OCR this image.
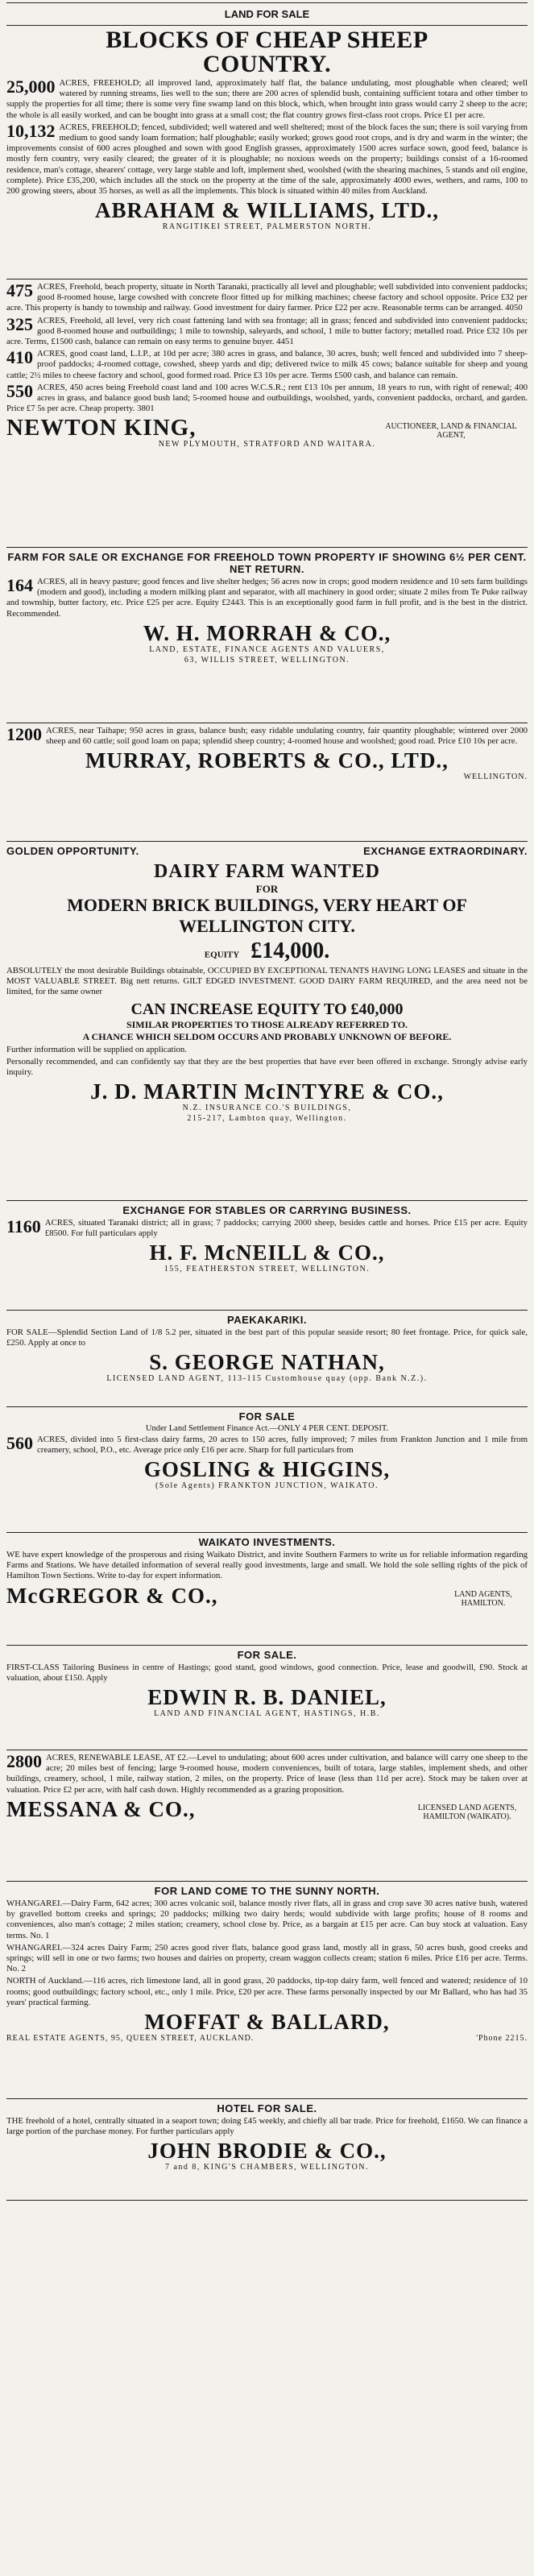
LAND FOR SALE
BLOCKS OF CHEAP SHEEP
COUNTRY.

25,000 ACRES, FREEHOLD; all improved land, approximately half flat, the balance undulating, most ploughable when cleared; well watered by running streams, lies well to the sun; there are 200 acres of splendid bush, containing sufficient totara and other timber to supply the properties for all time; there is some very fine swamp land on this block, which, when brought into grass would carry 2 sheep to the acre; the whole is all easily worked, and can be bought into grass at a small cost; the flat country grows first-class root crops. Price £1 per acre.

10,132 ACRES, FREEHOLD; fenced, subdivided; well watered and well sheltered; most of the block faces the sun; there is soil varying from medium to good sandy loam formation; half ploughable; easily worked; grows good root crops, and is dry and warm in the winter; the improvements consist of 600 acres ploughed and sown with good English grasses, approximately 1500 acres surface sown, good feed, balance is mostly fern country, very easily cleared; the greater of it is ploughable; no noxious weeds on the property; buildings consist of a 16-roomed residence, man's cottage, shearers' cottage, very large stable and loft, implement shed, woolshed (with the shearing machines, 5 stands and oil engine, complete). Price £35,200, which includes all the stock on the property at the time of the sale, approximately 4000 ewes, wethers, and rams, 100 to 200 growing steers, about 35 horses, as well as all the implements. This block is situated within 40 miles from Auckland.

ABRAHAM & WILLIAMS, LTD.,
RANGITIKEI STREET, PALMERSTON NORTH.

475 ACRES, Freehold, beach property, situate in North Taranaki, practically all level and ploughable; well subdivided into convenient paddocks; good 8-roomed house, large cowshed with concrete floor fitted up for milking machines; cheese factory and school opposite. Price £32 per acre. This property is handy to township and railway. Good investment for dairy farmer. Price £22 per acre. Reasonable terms can be arranged. 4050

325 ACRES, Freehold, all level, very rich coast fattening land with sea frontage; all in grass; fenced and subdivided into convenient paddocks; good 8-roomed house and outbuildings; 1 mile to township, saleyards, and school, 1 mile to butter factory; metalled road. Price £32 10s per acre. Terms, £1500 cash, balance can remain on easy terms to genuine buyer. 4451

410 ACRES, good coast land, L.I.P., at 10d per acre; 380 acres in grass, and balance, 30 acres, bush; well fenced and subdivided into 7 sheep-proof paddocks; 4-roomed cottage, cowshed, sheep yards and dip; delivered twice to milk 45 cows; balance suitable for sheep and young cattle; 2½ miles to cheese factory and school, good formed road. Price £3 10s per acre. Terms £500 cash, and balance can remain.

550 ACRES, 450 acres being Freehold coast land and 100 acres W.C.S.R.; rent £13 10s per annum, 18 years to run, with right of renewal; 400 acres in grass, and balance good bush land; 5-roomed house and outbuildings, woolshed, yards, convenient paddocks, orchard, and garden. Price £7 5s per acre. Cheap property. 3801

NEWTON KING,	AUCTIONEER, LAND & FINANCIAL AGENT,
NEW PLYMOUTH, STRATFORD AND WAITARA.
FARM FOR SALE OR EXCHANGE FOR FREEHOLD TOWN PROPERTY IF SHOWING 6½ PER CENT. NET RETURN.

164 ACRES, all in heavy pasture; good fences and live shelter hedges; 56 acres now in crops; good modern residence and 10 sets farm buildings (modern and good), including a modern milking plant and separator, with all machinery in good order; situate 2 miles from Te Puke railway and township, butter factory, etc. Price £25 per acre. Equity £2443. This is an exceptionally good farm in full profit, and is the best in the district. Recommended.

W. H. MORRAH & CO.,
LAND, ESTATE, FINANCE AGENTS AND VALUERS,
63, WILLIS STREET, WELLINGTON.

1200 ACRES, near Taihape; 950 acres in grass, balance bush; easy ridable undulating country, fair quantity ploughable; wintered over 2000 sheep and 60 cattle; soil good loam on papa; splendid sheep country; 4-roomed house and woolshed; good road. Price £10 10s per acre.

MURRAY, ROBERTS & CO., LTD.,
WELLINGTON.
GOLDEN OPPORTUNITY.	EXCHANGE EXTRAORDINARY.
DAIRY FARM WANTED
FOR
MODERN BRICK BUILDINGS, VERY HEART OF
WELLINGTON CITY.
EQUITY £14,000.

ABSOLUTELY the most desirable Buildings obtainable, OCCUPIED BY EXCEPTIONAL TENANTS HAVING LONG LEASES and situate in the MOST VALUABLE STREET. Big nett returns. GILT EDGED INVESTMENT. GOOD DAIRY FARM REQUIRED, and the area need not be limited, for the same owner

CAN INCREASE EQUITY TO £40,000
SIMILAR PROPERTIES TO THOSE ALREADY REFERRED TO.
A CHANCE WHICH SELDOM OCCURS AND PROBABLY UNKNOWN OF BEFORE.

Further information will be supplied on application.

Personally recommended, and can confidently say that they are the best properties that have ever been offered in exchange. Strongly advise early inquiry.

J. D. MARTIN McINTYRE & CO.,
N.Z. INSURANCE CO.'S BUILDINGS,
215-217, Lambton quay, Wellington.
EXCHANGE FOR STABLES OR CARRYING BUSINESS.

1160 ACRES, situated Taranaki district; all in grass; 7 paddocks; carrying 2000 sheep, besides cattle and horses. Price £15 per acre. Equity £8500. For full particulars apply

H. F. McNEILL & CO.,
155, FEATHERSTON STREET, WELLINGTON.
PAEKAKARIKI.

FOR SALE—Splendid Section Land of 1/8 5.2 per, situated in the best part of this popular seaside resort; 80 feet frontage. Price, for quick sale, £250. Apply at once to

S. GEORGE NATHAN,
LICENSED LAND AGENT, 113-115 Customhouse quay (opp. Bank N.Z.).
FOR SALE
Under Land Settlement Finance Act.—ONLY 4 PER CENT. DEPOSIT.

560 ACRES, divided into 5 first-class dairy farms, 20 acres to 150 acres, fully improved; 7 miles from Frankton Junction and 1 mile from creamery, school, P.O., etc. Average price only £16 per acre. Sharp for full particulars from

GOSLING & HIGGINS,
(Sole Agents) FRANKTON JUNCTION, WAIKATO.
WAIKATO INVESTMENTS.

WE have expert knowledge of the prosperous and rising Waikato District, and invite Southern Farmers to write us for reliable information regarding Farms and Stations. We have detailed information of several really good investments, large and small. We hold the sole selling rights of the pick of Hamilton Town Sections. Write to-day for expert information.

McGREGOR & CO.,	LAND AGENTS,
HAMILTON.
FOR SALE.

FIRST-CLASS Tailoring Business in centre of Hastings; good stand, good windows, good connection. Price, lease and goodwill, £90. Stock at valuation, about £150. Apply

EDWIN R. B. DANIEL,
LAND AND FINANCIAL AGENT, HASTINGS, H.B.

2800 ACRES, RENEWABLE LEASE, AT £2.—Level to undulating; about 600 acres under cultivation, and balance will carry one sheep to the acre; 20 miles best of fencing; large 9-roomed house, modern conveniences, built of totara, large stables, implement sheds, and other buildings, creamery, school, 1 mile, railway station, 2 miles, on the property. Price of lease (less than 11d per acre). Stock may be taken over at valuation. Price £2 per acre, with half cash down. Highly recommended as a grazing proposition.

MESSANA & CO.,	LICENSED LAND AGENTS,
HAMILTON (WAIKATO).
FOR LAND COME TO THE SUNNY NORTH.

WHANGAREI.—Dairy Farm, 642 acres; 300 acres volcanic soil, balance mostly river flats, all in grass and crop save 30 acres native bush, watered by gravelled bottom creeks and springs; 20 paddocks; milking two dairy herds; would subdivide with large profits; house of 8 rooms and conveniences, also man's cottage; 2 miles station; creamery, school close by. Price, as a bargain at £15 per acre. Can buy stock at valuation. Easy terms. No. 1

WHANGAREI.—324 acres Dairy Farm; 250 acres good river flats, balance good grass land, mostly all in grass, 50 acres bush, good creeks and springs; will sell in one or two farms; two houses and dairies on property, cream waggon collects cream; station 6 miles. Price £16 per acre. Terms. No. 2

NORTH of Auckland.—116 acres, rich limestone land, all in good grass, 20 paddocks, tip-top dairy farm, well fenced and watered; residence of 10 rooms; good outbuildings; factory school, etc., only 1 mile. Price, £20 per acre. These farms personally inspected by our Mr Ballard, who has had 35 years' practical farming.

MOFFAT & BALLARD,
REAL ESTATE AGENTS, 95, QUEEN STREET, AUCKLAND.	'Phone 2215.
HOTEL FOR SALE.

THE freehold of a hotel, centrally situated in a seaport town; doing £45 weekly, and chiefly all bar trade. Price for freehold, £1650. We can finance a large portion of the purchase money. For further particulars apply

JOHN BRODIE & CO.,
7 and 8, KING'S CHAMBERS, WELLINGTON.
